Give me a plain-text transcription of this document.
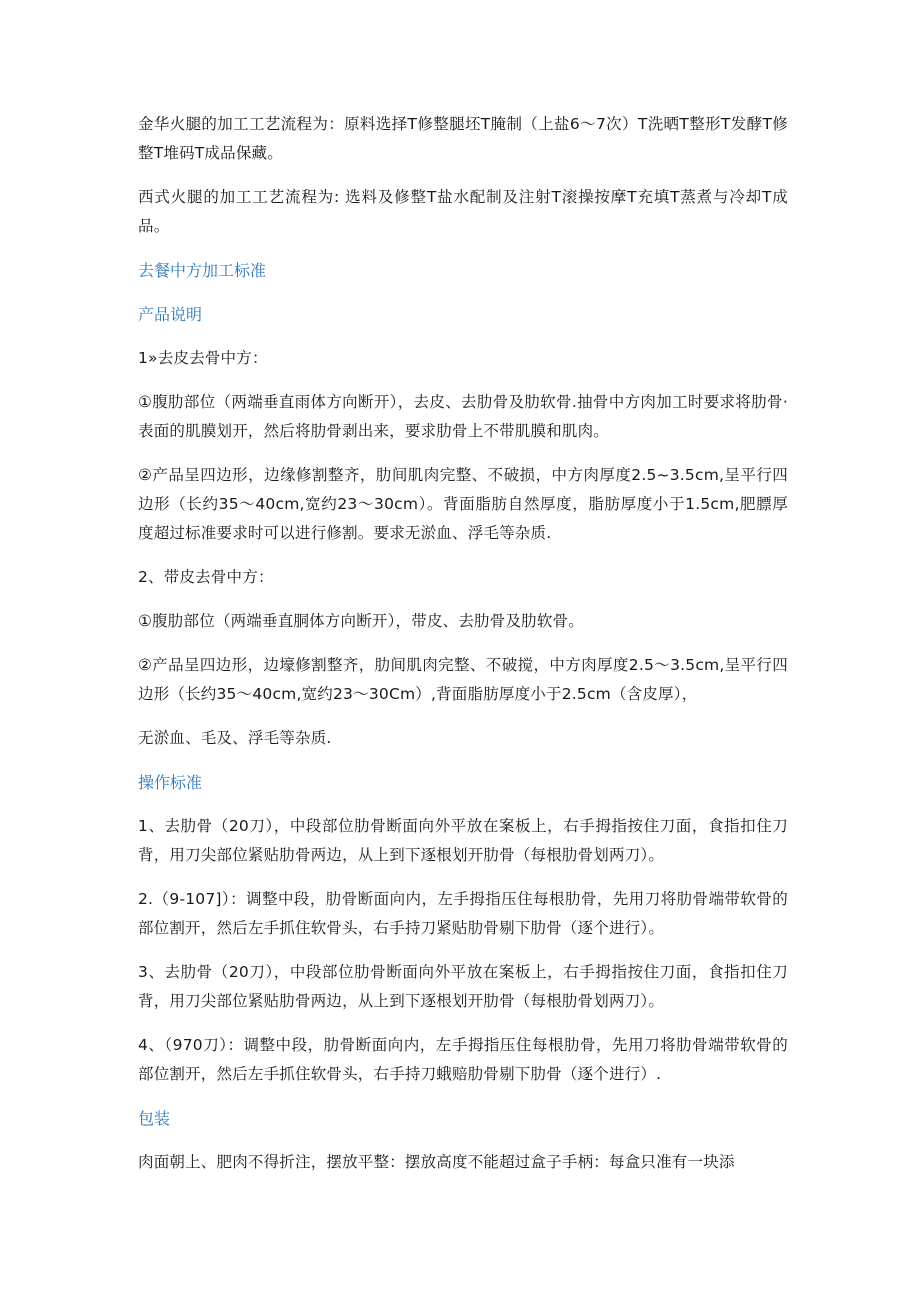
金华火腿的加工工艺流程为：原料选择T修整腿坯T腌制（上盐6〜7次）T洗晒T整形T发酵T修整T堆码T成品保藏。

西式火腿的加工工艺流程为: 选料及修整T盐水配制及注射T滚操按摩T充填T蒸煮与冷却T成品。

去餐中方加工标准
产品说明

1»去皮去骨中方：

①腹肋部位（两端垂直雨体方向断开），去皮、去肋骨及肋软骨.抽骨中方肉加工时要求将肋骨·表面的肌膜划开，然后将肋骨剥出来，要求肋骨上不带肌膜和肌肉。

②产品呈四边形，边缘修割整齐，肋间肌肉完整、不破损，中方肉厚度2.5~3.5cm,呈平行四边形（长约35〜40cm,宽约23〜30cm）。背面脂肪自然厚度，脂肪厚度小于1.5cm,肥膘厚度超过标准要求时可以进行修割。要求无淤血、浮毛等杂质.

2、带皮去骨中方：

①腹肋部位（两端垂直胴体方向断开），带皮、去肋骨及肋软骨。

②产品呈四边形，边壕修割整齐，肋间肌肉完整、不破搅，中方肉厚度2.5〜3.5cm,呈平行四边形（长约35〜40cm,宽约23〜30Cm）,背面脂肪厚度小于2.5cm（含皮厚），

无淤血、毛及、浮毛等杂质.

操作标准

1、去肋骨（20刀），中段部位肋骨断面向外平放在案板上，右手拇指按住刀面，食指扣住刀背，用刀尖部位紧贴肋骨两边，从上到下逐根划开肋骨（每根肋骨划两刀）。

2.（9-107]）：调整中段，肋骨断面向内，左手拇指压住每根肋骨，先用刀将肋骨端带软骨的部位割开，然后左手抓住软骨头，右手持刀紧贴肋骨剔下肋骨（逐个进行）。

3、去肋骨（20刀），中段部位肋骨断面向外平放在案板上，右手拇指按住刀面，食指扣住刀背，用刀尖部位紧贴肋骨两边，从上到下逐根划开肋骨（每根肋骨划两刀）。

4、（970刀）：调整中段，肋骨断面向内，左手拇指压住每根肋骨，先用刀将肋骨端带软骨的部位割开，然后左手抓住软骨头，右手持刀蛾赔肋骨剔下肋骨（逐个进行）.

包装

肉面朝上、肥肉不得折注，摆放平整：摆放高度不能超过盒子手柄：每盒只准有一块添
